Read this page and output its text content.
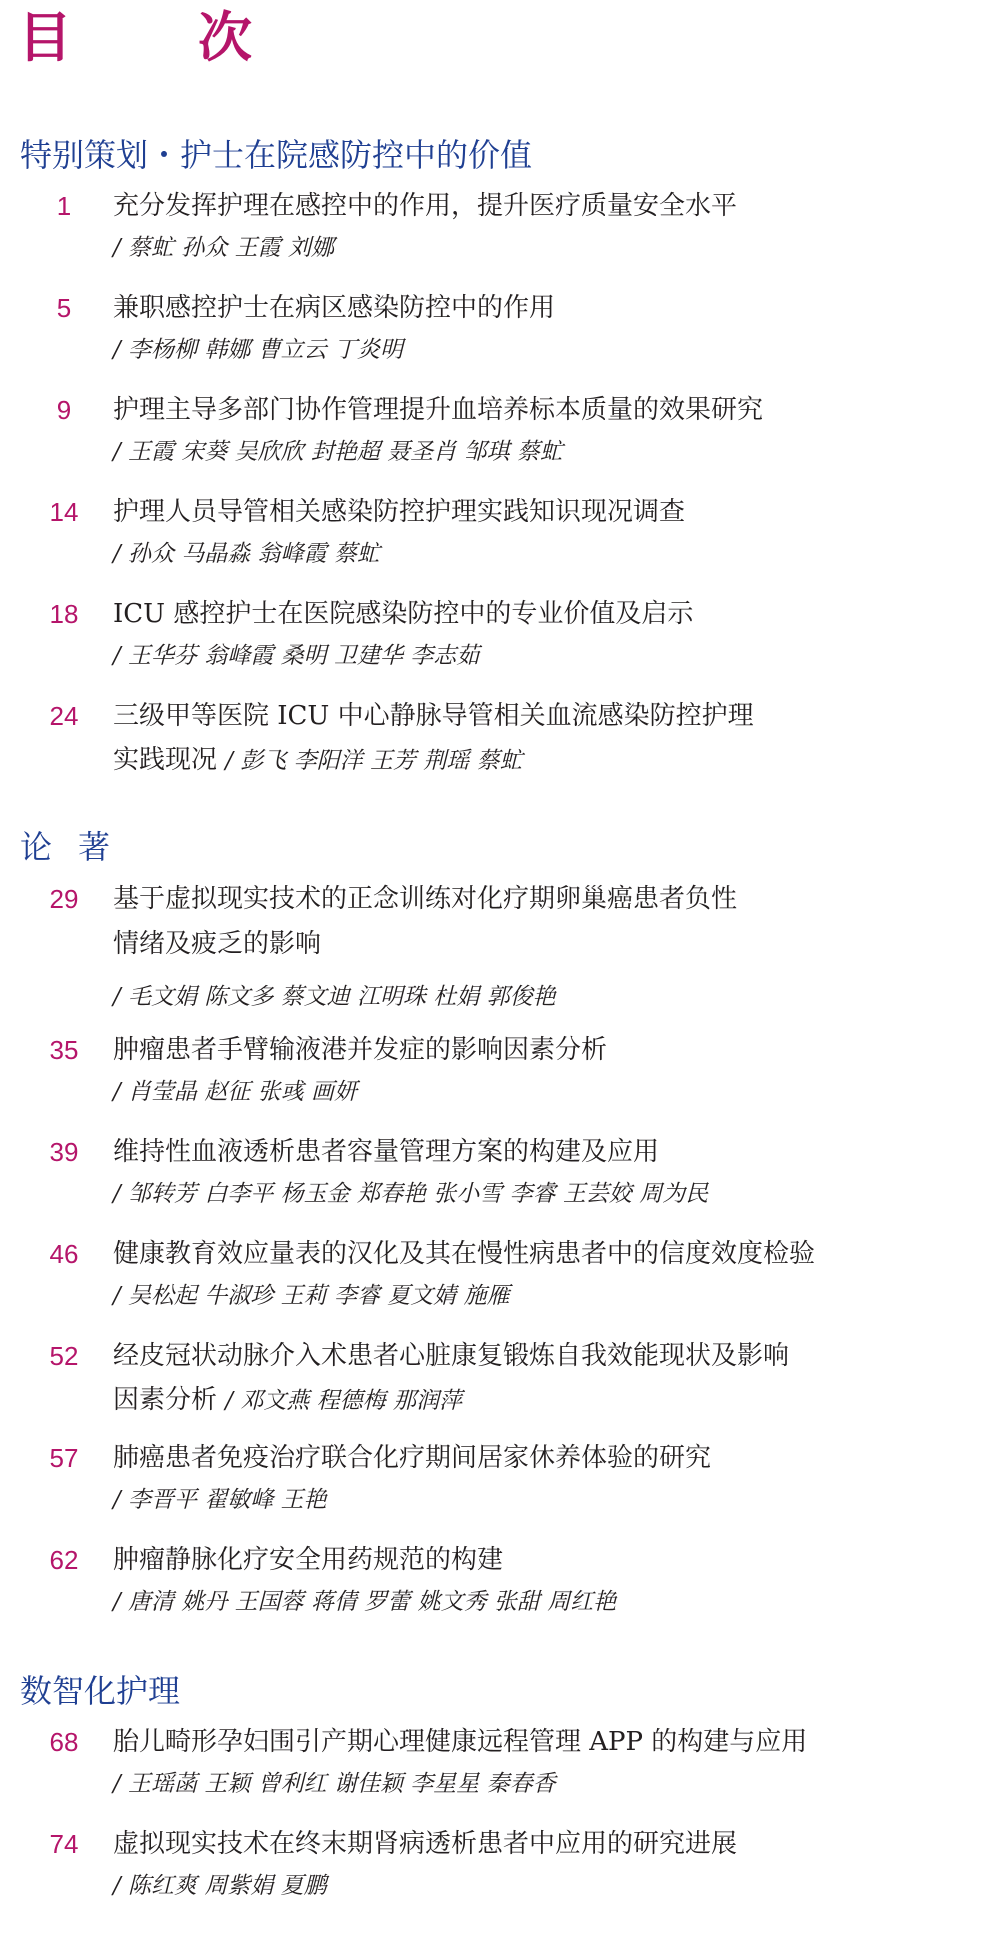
目　次
特别策划・护士在院感防控中的价值
1	充分发挥护理在感控中的作用，提升医疗质量安全水平
/ 蔡虻 孙众 王霞 刘娜
5	兼职感控护士在病区感染防控中的作用
/ 李杨柳 韩娜 曹立云 丁炎明
9	护理主导多部门协作管理提升血培养标本质量的效果研究
/ 王霞 宋葵 吴欣欣 封艳超 聂圣肖 邹琪 蔡虻
14	护理人员导管相关感染防控护理实践知识现况调查
/ 孙众 马晶淼 翁峰霞 蔡虻
18	ICU 感控护士在医院感染防控中的专业价值及启示
/ 王华芬 翁峰霞 桑明 卫建华 李志茹
24	三级甲等医院 ICU 中心静脉导管相关血流感染防控护理
实践现况 / 彭飞 李阳洋 王芳 荆瑶 蔡虻
论著
29	基于虚拟现实技术的正念训练对化疗期卵巢癌患者负性
情绪及疲乏的影响
/ 毛文娟 陈文多 蔡文迪 江明珠 杜娟 郭俊艳
35	肿瘤患者手臂输液港并发症的影响因素分析
/ 肖莹晶 赵征 张彧 画妍
39	维持性血液透析患者容量管理方案的构建及应用
/ 邹转芳 白李平 杨玉金 郑春艳 张小雪 李睿 王芸姣 周为民
46	健康教育效应量表的汉化及其在慢性病患者中的信度效度检验
/ 吴松起 牛淑珍 王莉 李睿 夏文婧 施雁
52	经皮冠状动脉介入术患者心脏康复锻炼自我效能现状及影响
因素分析 / 邓文燕 程德梅 那润萍
57	肺癌患者免疫治疗联合化疗期间居家休养体验的研究
/ 李晋平 翟敏峰 王艳
62	肿瘤静脉化疗安全用药规范的构建
/ 唐清 姚丹 王国蓉 蒋倩 罗蕾 姚文秀 张甜 周红艳
数智化护理
68	胎儿畸形孕妇围引产期心理健康远程管理 APP 的构建与应用
/ 王瑶菡 王颖 曾利红 谢佳颖 李星星 秦春香
74	虚拟现实技术在终末期肾病透析患者中应用的研究进展
/ 陈红爽 周紫娟 夏鹏
